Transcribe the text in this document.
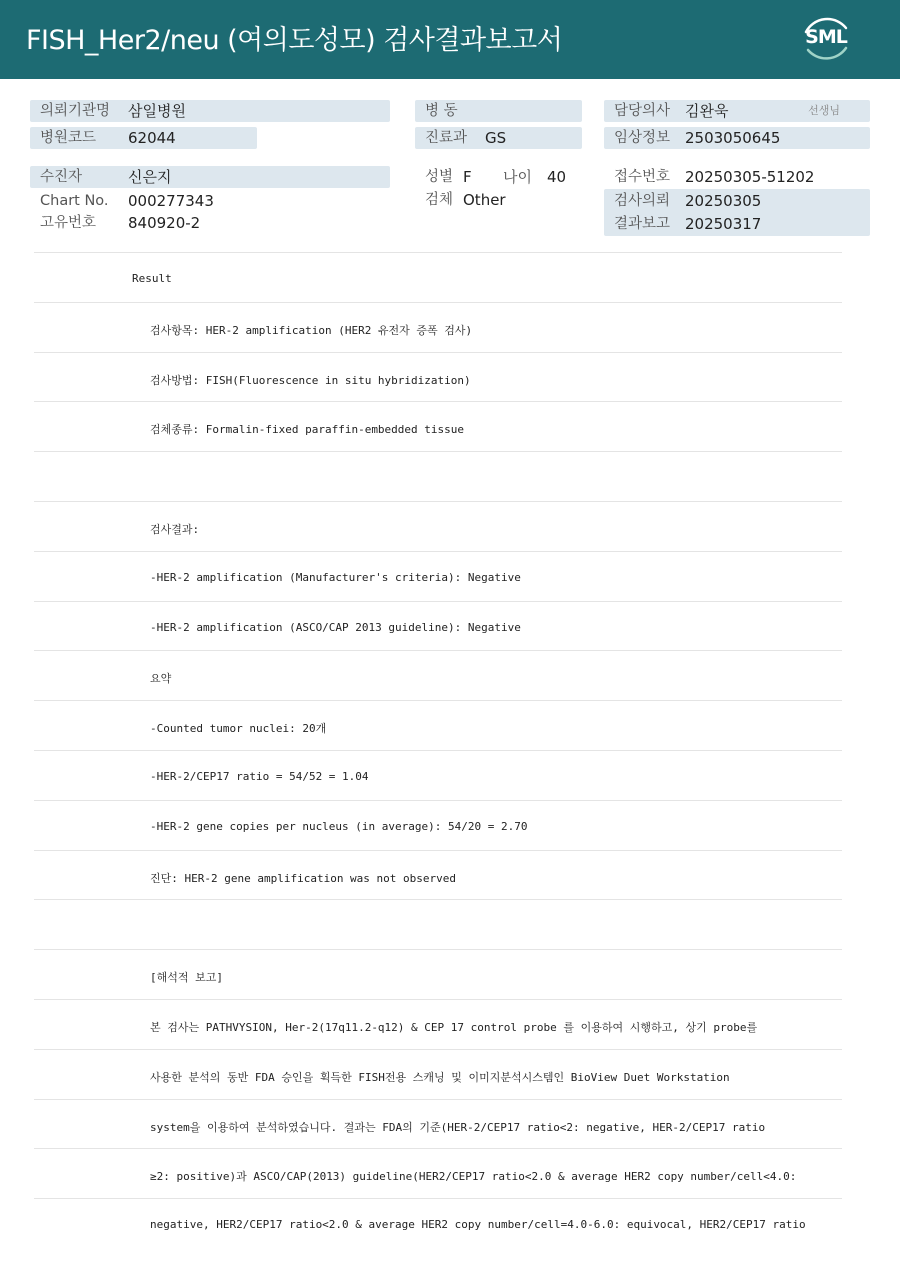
FISH_Her2/neu (여의도성모) 검사결과보고서	SML
의뢰기관명 삼일병원
병원코드 62044
수진자	신은지
Chart No. 000277343
고유번호 840920-2
병 동
진료과 GS
성별 F 나이 40
검체 Other
담당의사 김완욱	선생님
임상정보 2503050645
접수번호 20250305-51202
검사의뢰 20250305
결과보고 20250317
Result
검사항목: HER-2 amplification (HER2 유전자 증폭 검사)
검사방법: FISH(Fluorescence in situ hybridization)
검체종류: Formalin-fixed paraffin-embedded tissue
검사결과:
-HER-2 amplification (Manufacturer's criteria): Negative
-HER-2 amplification (ASCO/CAP 2013 guideline): Negative
요약
-Counted tumor nuclei: 20개
-HER-2/CEP17 ratio = 54/52 = 1.04
-HER-2 gene copies per nucleus (in average): 54/20 = 2.70
진단: HER-2 gene amplification was not observed
[해석적 보고]
본 검사는 PATHVYSION, Her-2(17q11.2-q12) & CEP 17 control probe 를 이용하여 시행하고, 상기 probe를
사용한 분석의 동반 FDA 승인을 획득한 FISH전용 스캐닝 및 이미지분석시스템인 BioView Duet Workstation
system을 이용하여 분석하였습니다. 결과는 FDA의 기준(HER-2/CEP17 ratio<2: negative, HER-2/CEP17 ratio
≥2: positive)과 ASCO/CAP(2013) guideline(HER2/CEP17 ratio<2.0 & average HER2 copy number/cell<4.0:
negative, HER2/CEP17 ratio<2.0 & average HER2 copy number/cell=4.0-6.0: equivocal, HER2/CEP17 ratio
